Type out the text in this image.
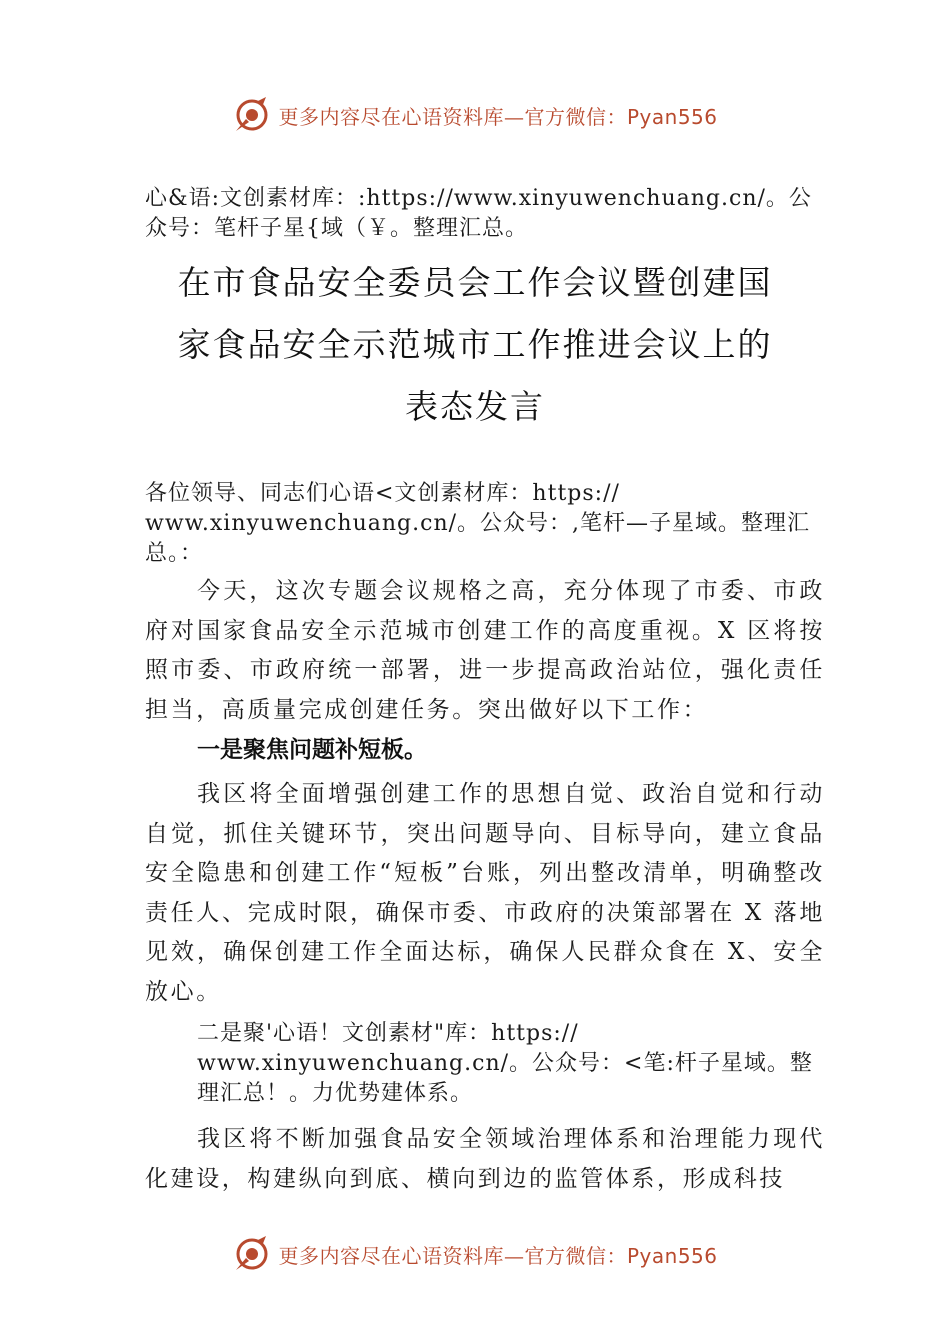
更多内容尽在心语资料库—官方微信：Pyan556

心&语:文创素材库：:https://www.xinyuwenchuang.cn/。公

众号：笔杆子星{域（￥。整理汇总。

在市食品安全委员会工作会议暨创建国
家食品安全示范城市工作推进会议上的
表态发言

各位领导、同志们心语<文创素材库：https://

www.xinyuwenchuang.cn/。公众号：,笔杆—子星域。整理汇

总。：

今天，这次专题会议规格之高，充分体现了市委、市政府对国家食品安全示范城市创建工作的高度重视。X 区将按照市委、市政府统一部署，进一步提高政治站位，强化责任担当，高质量完成创建任务。突出做好以下工作：

一是聚焦问题补短板。

我区将全面增强创建工作的思想自觉、政治自觉和行动自觉，抓住关键环节，突出问题导向、目标导向，建立食品安全隐患和创建工作“短板”台账，列出整改清单，明确整改责任人、完成时限，确保市委、市政府的决策部署在 X 落地见效，确保创建工作全面达标，确保人民群众食在 X、安全放心。

二是聚'心语！文创素材"库：https://

www.xinyuwenchuang.cn/。公众号：<笔:杆子星域。整

理汇总！。力优势建体系。

我区将不断加强食品安全领域治理体系和治理能力现代化建设，构建纵向到底、横向到边的监管体系，形成科技

更多内容尽在心语资料库—官方微信：Pyan556
